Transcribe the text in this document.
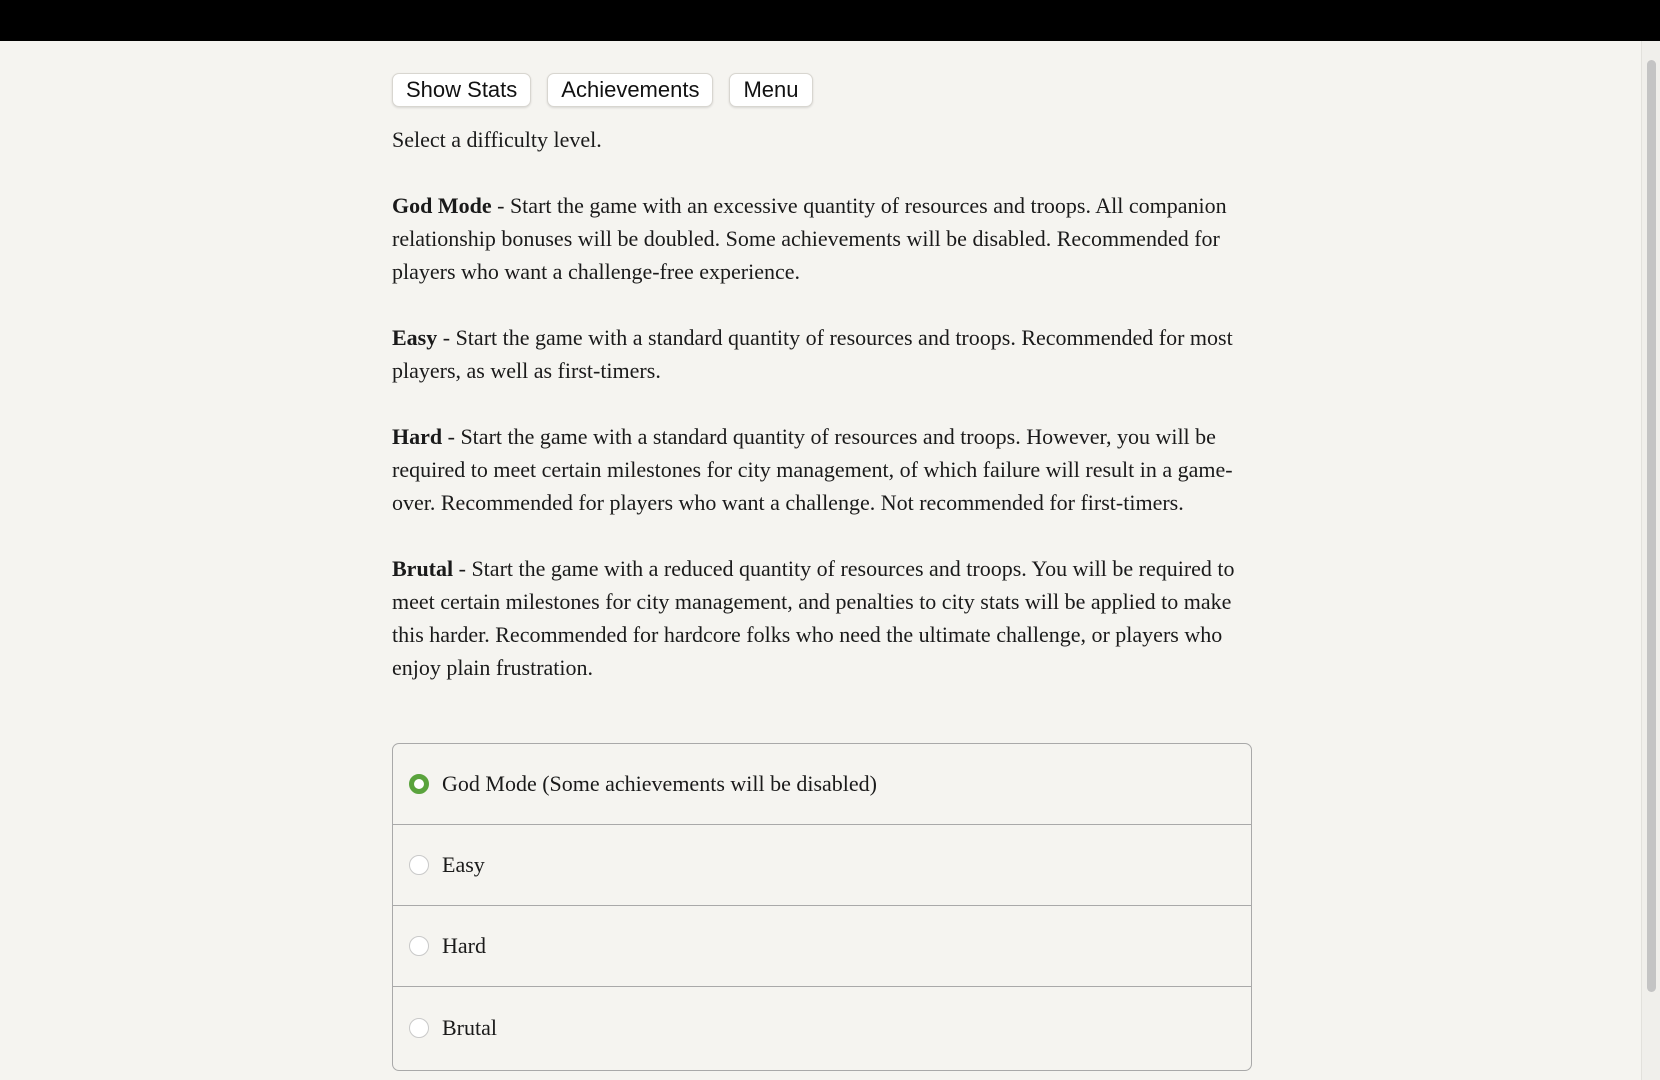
Show Stats	Achievements	Menu

Select a difficulty level.

God Mode - Start the game with an excessive quantity of resources and troops. All companion relationship bonuses will be doubled. Some achievements will be disabled. Recommended for players who want a challenge-free experience.

Easy - Start the game with a standard quantity of resources and troops. Recommended for most players, as well as first-timers.

Hard - Start the game with a standard quantity of resources and troops. However, you will be required to meet certain milestones for city management, of which failure will result in a game-over. Recommended for players who want a challenge. Not recommended for first-timers.

Brutal - Start the game with a reduced quantity of resources and troops. You will be required to meet certain milestones for city management, and penalties to city stats will be applied to make this harder. Recommended for hardcore folks who need the ultimate challenge, or players who enjoy plain frustration.

God Mode (Some achievements will be disabled)
Easy
Hard
Brutal
